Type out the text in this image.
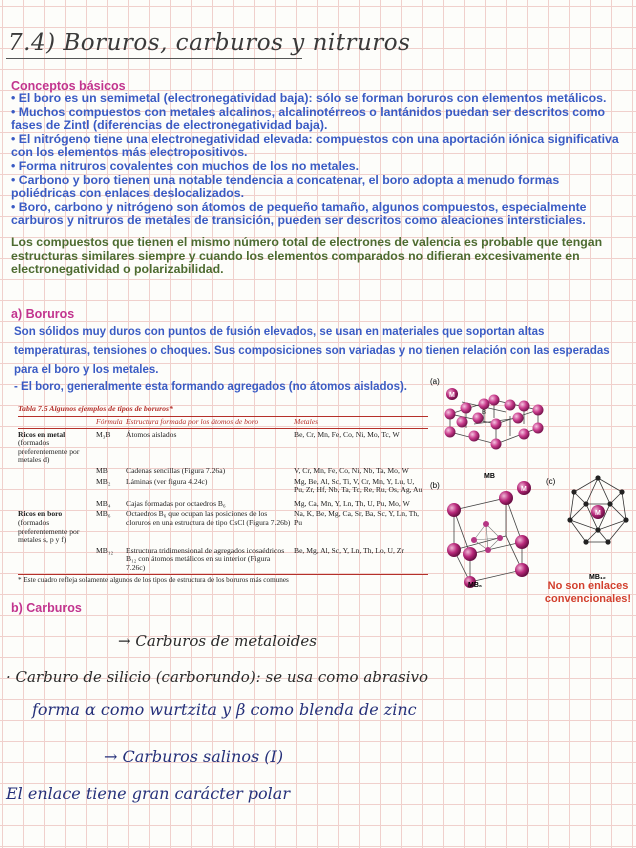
7.4) Boruros, carburos y nitruros
Conceptos básicos
• El boro es un semimetal (electronegatividad baja): sólo se forman boruros con elementos metálicos.
• Muchos compuestos con metales alcalinos, alcalinotérreos o lantánidos puedan ser descritos como fases de Zintl (diferencias de electronegatividad baja).
• El nitrógeno tiene una electronegatividad elevada: compuestos con una aportación iónica significativa con los elementos más electropositivos.
• Forma nitruros covalentes con muchos de los no metales.
• Carbono y boro tienen una notable tendencia a concatenar, el boro adopta a menudo formas poliédricas con enlaces deslocalizados.
• Boro, carbono y nitrógeno son átomos de pequeño tamaño, algunos compuestos, especialmente carburos y nitruros de metales de transición, pueden ser descritos como aleaciones intersticiales.
Los compuestos que tienen el mismo número total de electrones de valencia es probable que tengan estructuras similares siempre y cuando los elementos comparados no difieran excesivamente en electronegatividad o polarizabilidad.
a) Boruros
Son sólidos muy duros con puntos de fusión elevados, se usan en materiales que soportan altas temperaturas, tensiones o choques. Sus composiciones son variadas y no tienen relación con las esperadas para el boro y los metales.
- El boro, generalmente esta formando agregados (no átomos aislados).
Tabla 7.5 Algunos ejemplos de tipos de boruros*
	Fórmula	Estructura formada por los átomos de boro	Metales

Ricos en metal
(formados preferentemente por metales d)	M₃B	Átomos aislados	Be, Cr, Mn, Fe, Co, Ni, Mo, Tc, W
	MB	Cadenas sencillas (Figura 7.26a)	V, Cr, Mn, Fe, Co, Ni, Nb, Ta, Mo, W
	MB₂	Láminas (ver figura 4.24c)	Mg, Be, Al, Sc, Ti, V, Cr, Mn, Y, Lu, U, Pu, Zr, Hf, Nb, Ta, Tc, Re, Ru, Os, Ag, Au
	MB₄	Cajas formadas por octaedros B₆	Mg, Ca, Mn, Y, Ln, Th, U, Pu, Mo, W
Ricos en boro
(formados preferentemente por metales s, p y f)	MB₆	Octaedros B₆ que ocupan las posiciones de los cloruros en una estructura de tipo CsCl (Figura 7.26b)	Na, K, Be, Mg, Ca, Sr, Ba, Sc, Y, Ln, Th, Pu
	MB₁₂	Estructura tridimensional de agregados icosaédricos B₁₂ con átomos metálicos en su interior (Figura 7.26c)	Be, Mg, Al, Sc, Y, Ln, Th, Lo, U, Zr

* Este cuadro refleja solamente algunos de los tipos de estructura de los boruros más comunes
(a)
(b)	(c)
M
B
MB
M
M
MB₆
MB₁₂
No son enlaces convencionales!
b) Carburos
→ Carburos de metaloides
· Carburo de silicio (carborundo): se usa como abrasivo
forma α como wurtzita y β como blenda de zinc
→ Carburos salinos (I)
El enlace tiene gran carácter polar
